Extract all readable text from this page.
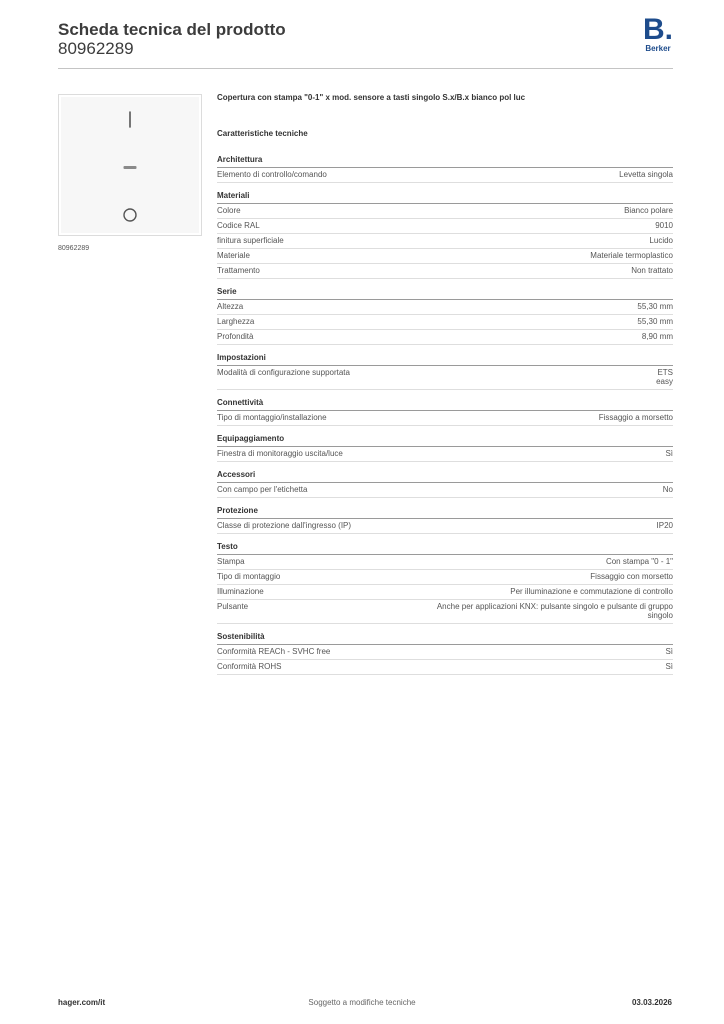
Scheda tecnica del prodotto
80962289
B.
Berker
80962289
Copertura con stampa "0-1" x mod. sensore a tasti singolo S.x/B.x bianco pol luc
Caratteristiche tecniche
Architettura
Elemento di controllo/comando	Levetta singola
Materiali
Colore	Bianco polare
Codice RAL	9010
finitura superficiale	Lucido
Materiale	Materiale termoplastico
Trattamento	Non trattato
Serie
Altezza	55,30 mm
Larghezza	55,30 mm
Profondità	8,90 mm
Impostazioni
Modalità di configurazione supportata	ETS
easy
Connettività
Tipo di montaggio/installazione	Fissaggio a morsetto
Equipaggiamento
Finestra di monitoraggio uscita/luce	Sì
Accessori
Con campo per l'etichetta	No
Protezione
Classe di protezione dall'ingresso (IP)	IP20
Testo
Stampa	Con stampa "0 - 1"
Tipo di montaggio	Fissaggio con morsetto
Illuminazione	Per illuminazione e commutazione di controllo
Pulsante	Anche per applicazioni KNX: pulsante singolo e pulsante di gruppo
singolo
Sostenibilità
Conformità REACh - SVHC free	Sì
Conformità ROHS	Sì
Soggetto a modifiche tecniche
hager.com/it	03.03.2026
